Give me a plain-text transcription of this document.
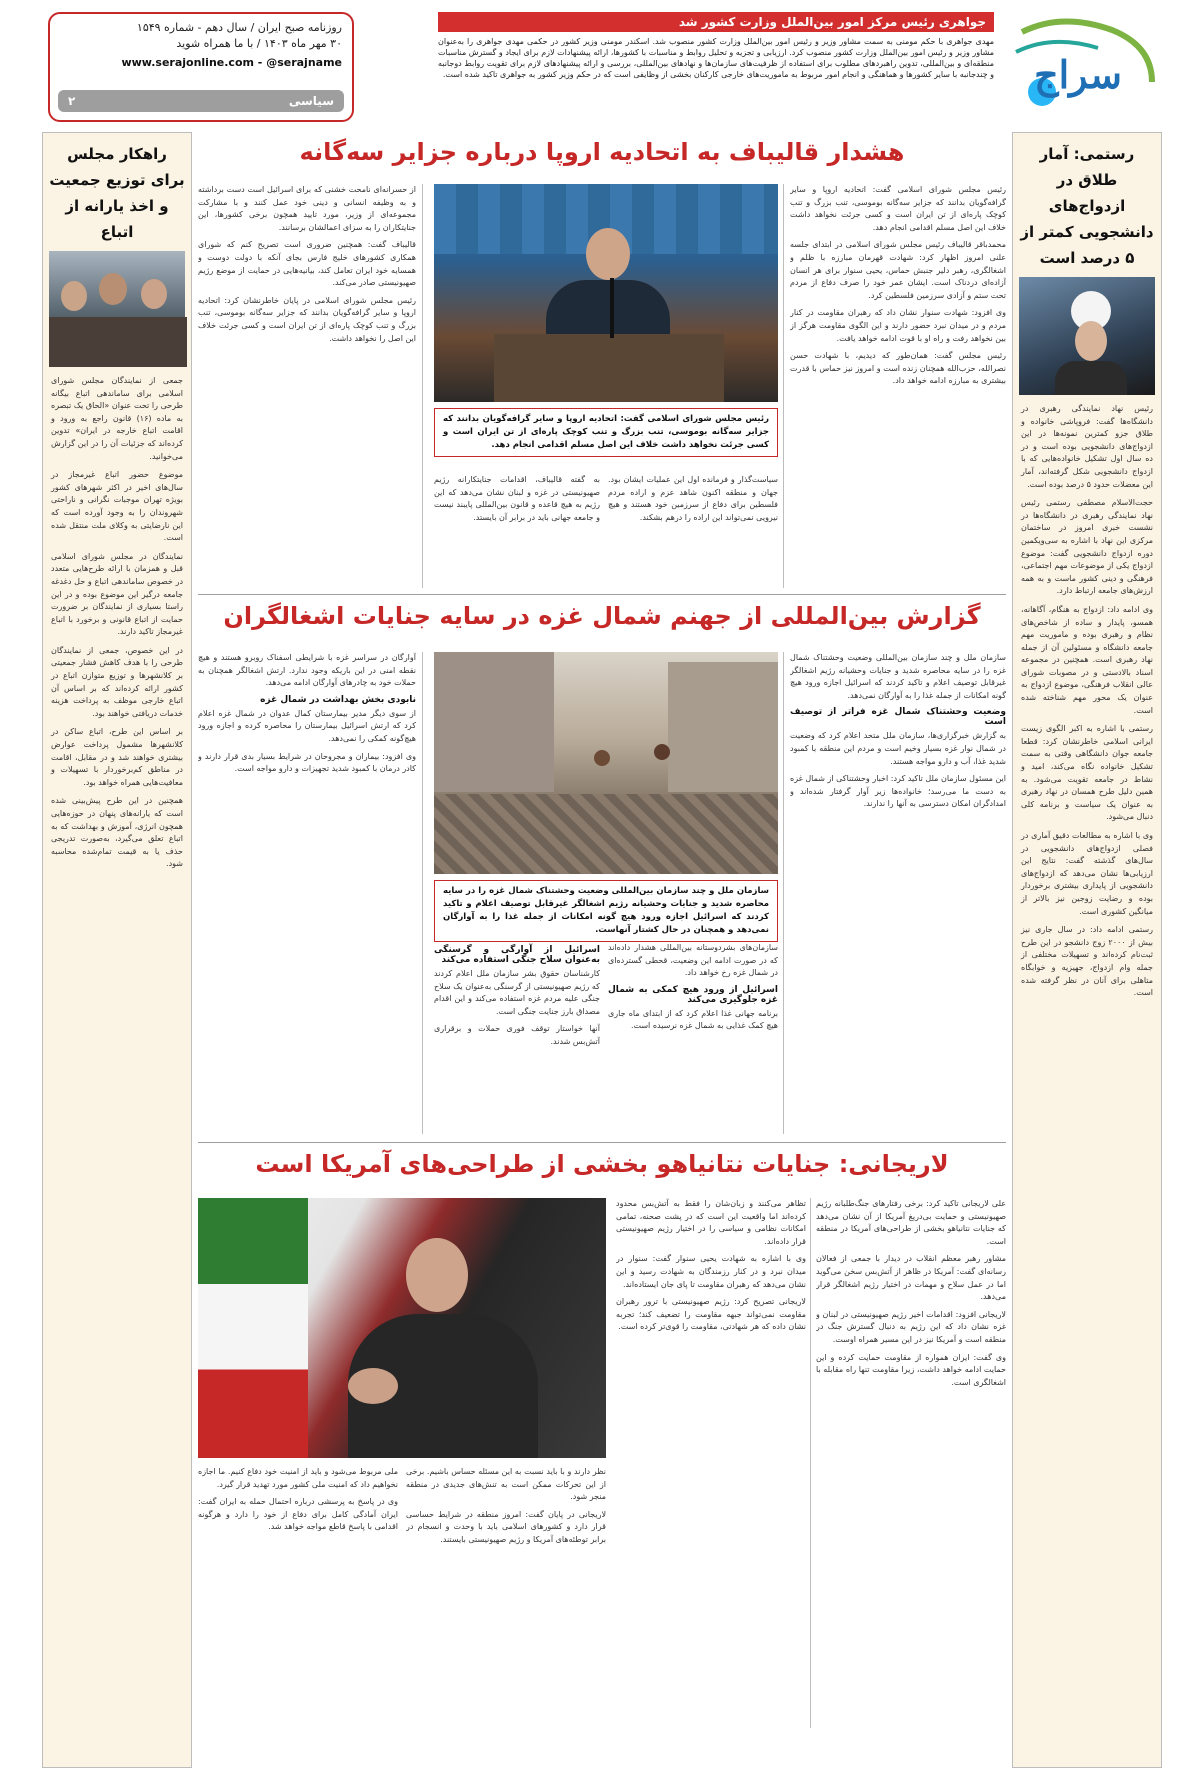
سراج
جواهری رئیس مرکز امور بین‌الملل وزارت کشور شد
مهدی جواهری با حکم مومنی به سمت مشاور وزیر و رئیس امور بین‌الملل وزارت کشور منصوب شد. اسکندر مومنی وزیر کشور در حکمی مهدی جواهری را به‌عنوان مشاور وزیر و رئیس امور بین‌الملل وزارت کشور منصوب کرد. ارزیابی و تجزیه و تحلیل روابط و مناسبات با کشورها، ارائه پیشنهادات لازم برای ایجاد و گسترش مناسبات منطقه‌ای و بین‌المللی، تدوین راهبردهای مطلوب برای استفاده از ظرفیت‌های سازمان‌ها و نهادهای بین‌المللی، بررسی و ارائه پیشنهادهای لازم برای تقویت روابط دوجانبه و چندجانبه با سایر کشورها و هماهنگی و انجام امور مربوط به ماموریت‌های خارجی کارکنان بخشی از وظایفی است که در حکم وزیر کشور به جواهری تاکید شده است.
روزنامه صبح ایران / سال دهم - شماره ۱۵۴۹
۳۰ مهر ماه ۱۴۰۳ / با ما همراه شوید
www.serajonline.com - @serajname
سیاسی
۲
رستمی: آمار طلاق در ازدواج‌های دانشجویی کمتر از ۵ درصد است

رئیس نهاد نمایندگی رهبری در دانشگاه‌ها گفت: فروپاشی خانواده و طلاق جزو کمترین نمونه‌ها در این ازدواج‌های دانشجویی بوده است و در ده سال اول تشکیل خانواده‌هایی که با ازدواج دانشجویی شکل گرفته‌اند، آمار این معضلات حدود ۵ درصد بوده است.

حجت‌الاسلام مصطفی رستمی رئیس نهاد نمایندگی رهبری در دانشگاه‌ها در نشست خبری امروز در ساختمان مرکزی این نهاد با اشاره به سی‌ویکمین دوره ازدواج دانشجویی گفت: موضوع ازدواج یکی از موضوعات مهم اجتماعی، فرهنگی و دینی کشور ماست و به همه ارزش‌های جامعه ارتباط دارد.

وی ادامه داد: ازدواج به هنگام، آگاهانه، همسو، پایدار و ساده از شاخص‌های نظام و رهبری بوده و ماموریت مهم جامعه دانشگاه و مسئولین آن از جمله نهاد رهبری است. همچنین در مجموعه اسناد بالادستی و در مصوبات شورای عالی انقلاب فرهنگی، موضوع ازدواج به عنوان یک محور مهم شناخته شده است.

رستمی با اشاره به اکبر الگوی زیست ایرانی اسلامی خاطرنشان کرد: قطعا جامعه جوان دانشگاهی وقتی به سمت تشکیل خانواده نگاه می‌کند، امید و نشاط در جامعه تقویت می‌شود. به همین دلیل طرح همسان در نهاد رهبری به عنوان یک سیاست و برنامه کلی دنبال می‌شود.

وی با اشاره به مطالعات دقیق آماری در فصلی ازدواج‌های دانشجویی در سال‌های گذشته گفت: نتایج این ارزیابی‌ها نشان می‌دهد که ازدواج‌های دانشجویی از پایداری بیشتری برخوردار بوده و رضایت زوجین نیز بالاتر از میانگین کشوری است.

رستمی ادامه داد: در سال جاری نیز بیش از ۲۰۰۰ زوج دانشجو در این طرح ثبت‌نام کرده‌اند و تسهیلات مختلفی از جمله وام ازدواج، جهیزیه و خوابگاه متاهلی برای آنان در نظر گرفته شده است.

راهکار مجلس برای توزیع جمعیت و اخذ یارانه از اتباع

جمعی از نمایندگان مجلس شورای اسلامی برای ساماندهی اتباع بیگانه طرحی را تحت عنوان «الحاق یک تبصره به ماده (۱۶) قانون راجع به ورود و اقامت اتباع خارجه در ایران» تدوین کرده‌اند که جزئیات آن را در این گزارش می‌خوانید.

موضوع حضور اتباع غیرمجاز در سال‌های اخیر در اکثر شهرهای کشور بویژه تهران موجبات نگرانی و ناراحتی شهروندان را به وجود آورده است که این نارضایتی به وکلای ملت منتقل شده است.

نمایندگان در مجلس شورای اسلامی قبل و همزمان با ارائه طرح‌هایی متعدد در خصوص ساماندهی اتباع و حل دغدغه جامعه درگیر این موضوع بوده و در این راستا بسیاری از نمایندگان بر ضرورت حمایت از اتباع قانونی و برخورد با اتباع غیرمجاز تاکید دارند.

در این خصوص، جمعی از نمایندگان طرحی را با هدف کاهش فشار جمعیتی بر کلانشهرها و توزیع متوازن اتباع در کشور ارائه کرده‌اند که بر اساس آن اتباع خارجی موظف به پرداخت هزینه خدمات دریافتی خواهند بود.

بر اساس این طرح، اتباع ساکن در کلانشهرها مشمول پرداخت عوارض بیشتری خواهند شد و در مقابل، اقامت در مناطق کم‌برخوردار با تسهیلات و معافیت‌هایی همراه خواهد بود.

همچنین در این طرح پیش‌بینی شده است که یارانه‌های پنهان در حوزه‌هایی همچون انرژی، آموزش و بهداشت که به اتباع تعلق می‌گیرد، به‌صورت تدریجی حذف یا به قیمت تمام‌شده محاسبه شود.

هشدار قالیباف به اتحادیه اروپا درباره جزایر سه‌گانه

رئیس مجلس شورای اسلامی گفت: اتحادیه اروپا و سایر گرافه‌گویان بدانند که جزایر سه‌گانه بوموسی، تنب بزرگ و تنب کوچک پاره‌ای از تن ایران است و کسی جرئت نخواهد داشت خلاف این اصل مسلم اقدامی انجام دهد.

محمدباقر قالیباف رئیس مجلس شورای اسلامی در ابتدای جلسه علنی امروز اظهار کرد: شهادت قهرمان مبارزه با ظلم و اشغالگری، رهبر دلیر جنبش حماس، یحیی سنوار برای هر انسان آزاده‌ای دردناک است. ایشان عمر خود را صرف دفاع از مردم تحت ستم و آزادی سرزمین فلسطین کرد.

وی افزود: شهادت سنوار نشان داد که رهبران مقاومت در کنار مردم و در میدان نبرد حضور دارند و این الگوی مقاومت هرگز از بین نخواهد رفت و راه او با قوت ادامه خواهد یافت.

رئیس مجلس گفت: همان‌طور که دیدیم، با شهادت حسن نصرالله، حزب‌الله همچنان زنده است و امروز نیز حماس با قدرت بیشتری به مبارزه ادامه خواهد داد.

رئیس مجلس شورای اسلامی گفت: اتحادیه اروپا و سایر گرافه‌گویان بدانند که جزایر سه‌گانه بوموسی، تنب بزرگ و تنب کوچک پاره‌ای از تن ایران است و کسی جرئت نخواهد داشت خلاف این اصل مسلم اقدامی انجام دهد.

سیاست‌گذار و فرمانده اول این عملیات ایشان بود. جهان و منطقه اکنون شاهد عزم و اراده مردم فلسطین برای دفاع از سرزمین خود هستند و هیچ نیرویی نمی‌تواند این اراده را درهم بشکند.

به گفته قالیباف، اقدامات جنایتکارانه رژیم صهیونیستی در غزه و لبنان نشان می‌دهد که این رژیم به هیچ قاعده و قانون بین‌المللی پایبند نیست و جامعه جهانی باید در برابر آن بایستد.

از حسرانه‌ای نامحت خشنی که برای اسرائیل است دست برداشته و به وظیفه انسانی و دینی خود عمل کنند و با مشارکت مجموعه‌ای از وزیر، مورد تایید همچون برخی کشورها، این جنایتکاران را به سزای اعمالشان برسانند.

قالیباف گفت: همچنین ضروری است تصریح کنم که شورای همکاری کشورهای خلیج فارس بجای آنکه با دولت دوست و همسایه خود ایران تعامل کند، بیانیه‌هایی در حمایت از موضع رژیم صهیونیستی صادر می‌کند.

رئیس مجلس شورای اسلامی در پایان خاطرنشان کرد: اتحادیه اروپا و سایر گرافه‌گویان بدانند که جزایر سه‌گانه بوموسی، تنب بزرگ و تنب کوچک پاره‌ای از تن ایران است و کسی جرئت خلاف این اصل را نخواهد داشت.

گزارش بین‌المللی از جهنم شمال غزه در سایه جنایات اشغالگران

سازمان ملل و چند سازمان بین‌المللی وضعیت وحشتناک شمال غزه را در سایه محاصره شدید و جنایات وحشیانه رژیم اشغالگر غیرقابل توصیف اعلام و تاکید کردند که اسرائیل اجازه ورود هیچ گونه امکانات از جمله غذا را به آوارگان نمی‌دهد.

وضعیت وحشتناک شمال غزه فراتر از توصیف است

به گزارش خبرگزاری‌ها، سازمان ملل متحد اعلام کرد که وضعیت در شمال نوار غزه بسیار وخیم است و مردم این منطقه با کمبود شدید غذا، آب و دارو مواجه هستند.

این مسئول سازمان ملل تاکید کرد: اخبار وحشتناکی از شمال غزه به دست ما می‌رسد؛ خانواده‌ها زیر آوار گرفتار شده‌اند و امدادگران امکان دسترسی به آنها را ندارند.

سازمان ملل و چند سازمان بین‌المللی وضعیت وحشتناک شمال غزه را در سایه محاصره شدید و جنایات وحشیانه رژیم اشغالگر غیرقابل توصیف اعلام و تاکید کردند که اسرائیل اجازه ورود هیچ گونه امکانات از جمله غذا را به آوارگان نمی‌دهد و همچنان در حال کشتار آنهاست.

سازمان‌های بشردوستانه بین‌المللی هشدار داده‌اند که در صورت ادامه این وضعیت، قحطی گسترده‌ای در شمال غزه رخ خواهد داد.

اسرائیل از ورود هیچ کمکی به شمال غزه جلوگیری می‌کند

برنامه جهانی غذا اعلام کرد که از ابتدای ماه جاری هیچ کمک غذایی به شمال غزه نرسیده است.

اسرائیل از آوارگی و گرسنگی به‌عنوان سلاح جنگی استفاده می‌کند

کارشناسان حقوق بشر سازمان ملل اعلام کردند که رژیم صهیونیستی از گرسنگی به‌عنوان یک سلاح جنگی علیه مردم غزه استفاده می‌کند و این اقدام مصداق بارز جنایت جنگی است.

آنها خواستار توقف فوری حملات و برقراری آتش‌بس شدند.

آوارگان در سراسر غزه با شرایطی اسفناک روبرو هستند و هیچ نقطه امنی در این باریکه وجود ندارد. ارتش اشغالگر همچنان به حملات خود به چادرهای آوارگان ادامه می‌دهد.

نابودی بخش بهداشت در شمال غزه

از سوی دیگر مدیر بیمارستان کمال عدوان در شمال غزه اعلام کرد که ارتش اسرائیل بیمارستان را محاصره کرده و اجازه ورود هیچ‌گونه کمکی را نمی‌دهد.

وی افزود: بیماران و مجروحان در شرایط بسیار بدی قرار دارند و کادر درمان با کمبود شدید تجهیزات و دارو مواجه است.

لاریجانی: جنایات نتانیاهو بخشی از طراحی‌های آمریکا است

علی لاریجانی تاکید کرد: برخی رفتارهای جنگ‌طلبانه رژیم صهیونیستی و حمایت بی‌دریغ آمریکا از آن نشان می‌دهد که جنایات نتانیاهو بخشی از طراحی‌های آمریکا در منطقه است.

مشاور رهبر معظم انقلاب در دیدار با جمعی از فعالان رسانه‌ای گفت: آمریکا در ظاهر از آتش‌بس سخن می‌گوید اما در عمل سلاح و مهمات در اختیار رژیم اشغالگر قرار می‌دهد.

لاریجانی افزود: اقدامات اخیر رژیم صهیونیستی در لبنان و غزه نشان داد که این رژیم به دنبال گسترش جنگ در منطقه است و آمریکا نیز در این مسیر همراه اوست.

وی گفت: ایران همواره از مقاومت حمایت کرده و این حمایت ادامه خواهد داشت، زیرا مقاومت تنها راه مقابله با اشغالگری است.

تظاهر می‌کنند و زبان‌شان را فقط به آتش‌بس محدود کرده‌اند اما واقعیت این است که در پشت صحنه، تمامی امکانات نظامی و سیاسی را در اختیار رژیم صهیونیستی قرار داده‌اند.

وی با اشاره به شهادت یحیی سنوار گفت: سنوار در میدان نبرد و در کنار رزمندگان به شهادت رسید و این نشان می‌دهد که رهبران مقاومت تا پای جان ایستاده‌اند.

لاریجانی تصریح کرد: رژیم صهیونیستی با ترور رهبران مقاومت نمی‌تواند جبهه مقاومت را تضعیف کند؛ تجربه نشان داده که هر شهادتی، مقاومت را قوی‌تر کرده است.

نظر دارند و با باید نسبت به این مسئله حساس باشیم. برخی از این تحرکات ممکن است به تنش‌های جدیدی در منطقه منجر شود.

لاریجانی در پایان گفت: امروز منطقه در شرایط حساسی قرار دارد و کشورهای اسلامی باید با وحدت و انسجام در برابر توطئه‌های آمریکا و رژیم صهیونیستی بایستند.

ملی مربوط می‌شود و باید از امنیت خود دفاع کنیم. ما اجازه نخواهیم داد که امنیت ملی کشور مورد تهدید قرار گیرد.

وی در پاسخ به پرسشی درباره احتمال حمله به ایران گفت: ایران آمادگی کامل برای دفاع از خود را دارد و هرگونه اقدامی با پاسخ قاطع مواجه خواهد شد.
